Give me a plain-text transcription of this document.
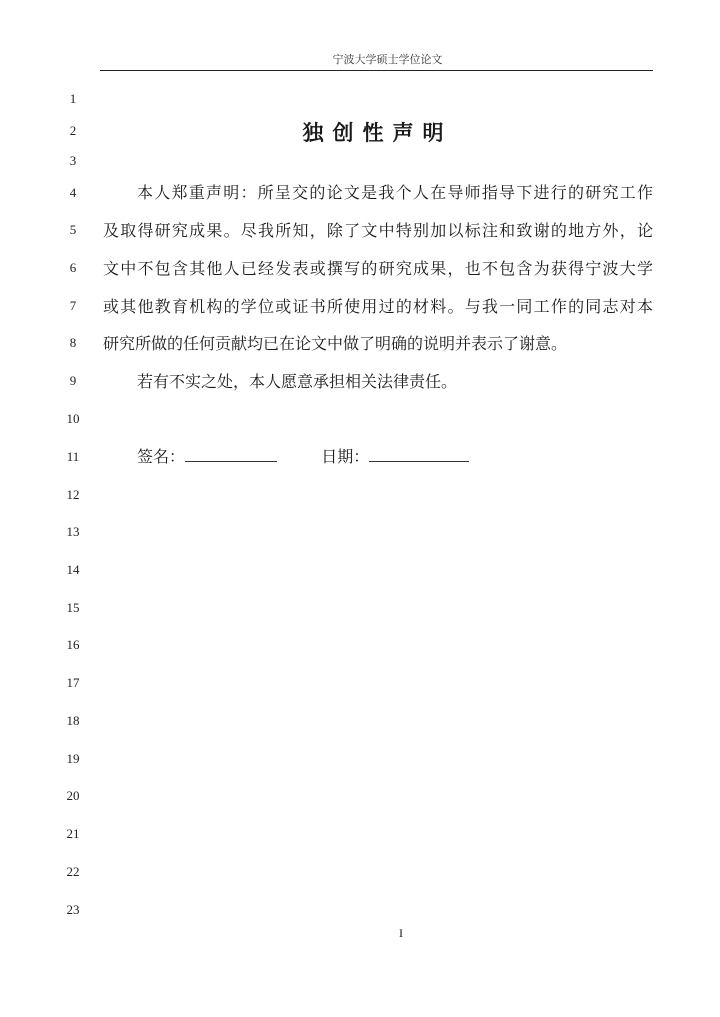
宁波大学硕士学位论文
1
2
3
4
5
6
7
8
9
10
11
12
13
14
15
16
17
18
19
20
21
22
23
独创性声明
本人郑重声明：所呈交的论文是我个人在导师指导下进行的研究工作
及取得研究成果。尽我所知，除了文中特别加以标注和致谢的地方外，论
文中不包含其他人已经发表或撰写的研究成果，也不包含为获得宁波大学
或其他教育机构的学位或证书所使用过的材料。与我一同工作的同志对本
研究所做的任何贡献均已在论文中做了明确的说明并表示了谢意。
若有不实之处，本人愿意承担相关法律责任。
签名：	日期：
I
